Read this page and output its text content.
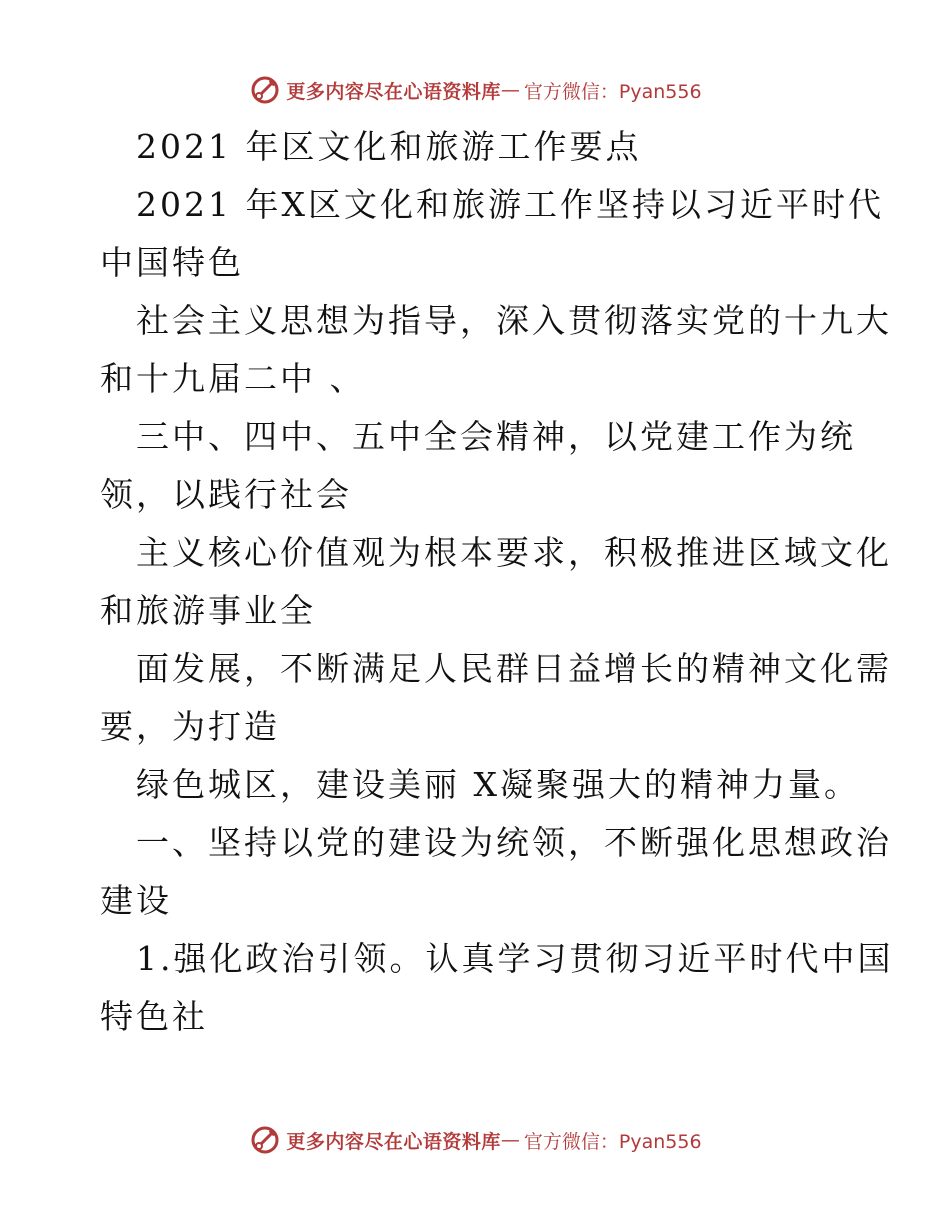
更多内容尽在心语资料库 — 官方微信：Pyan556
2021 年区文化和旅游工作要点
2021 年X区文化和旅游工作坚持以习近平时代
中国特色
社会主义思想为指导，深入贯彻落实党的十九大
和十九届二中 、
三中、四中、五中全会精神，以党建工作为统
领，以践行社会
主义核心价值观为根本要求，积极推进区域文化
和旅游事业全
面发展，不断满足人民群日益增长的精神文化需
要，为打造
绿色城区，建设美丽 X凝聚强大的精神力量。
一、坚持以党的建设为统领，不断强化思想政治
建设
1.强化政治引领。认真学习贯彻习近平时代中国
特色社
更多内容尽在心语资料库 — 官方微信：Pyan556
